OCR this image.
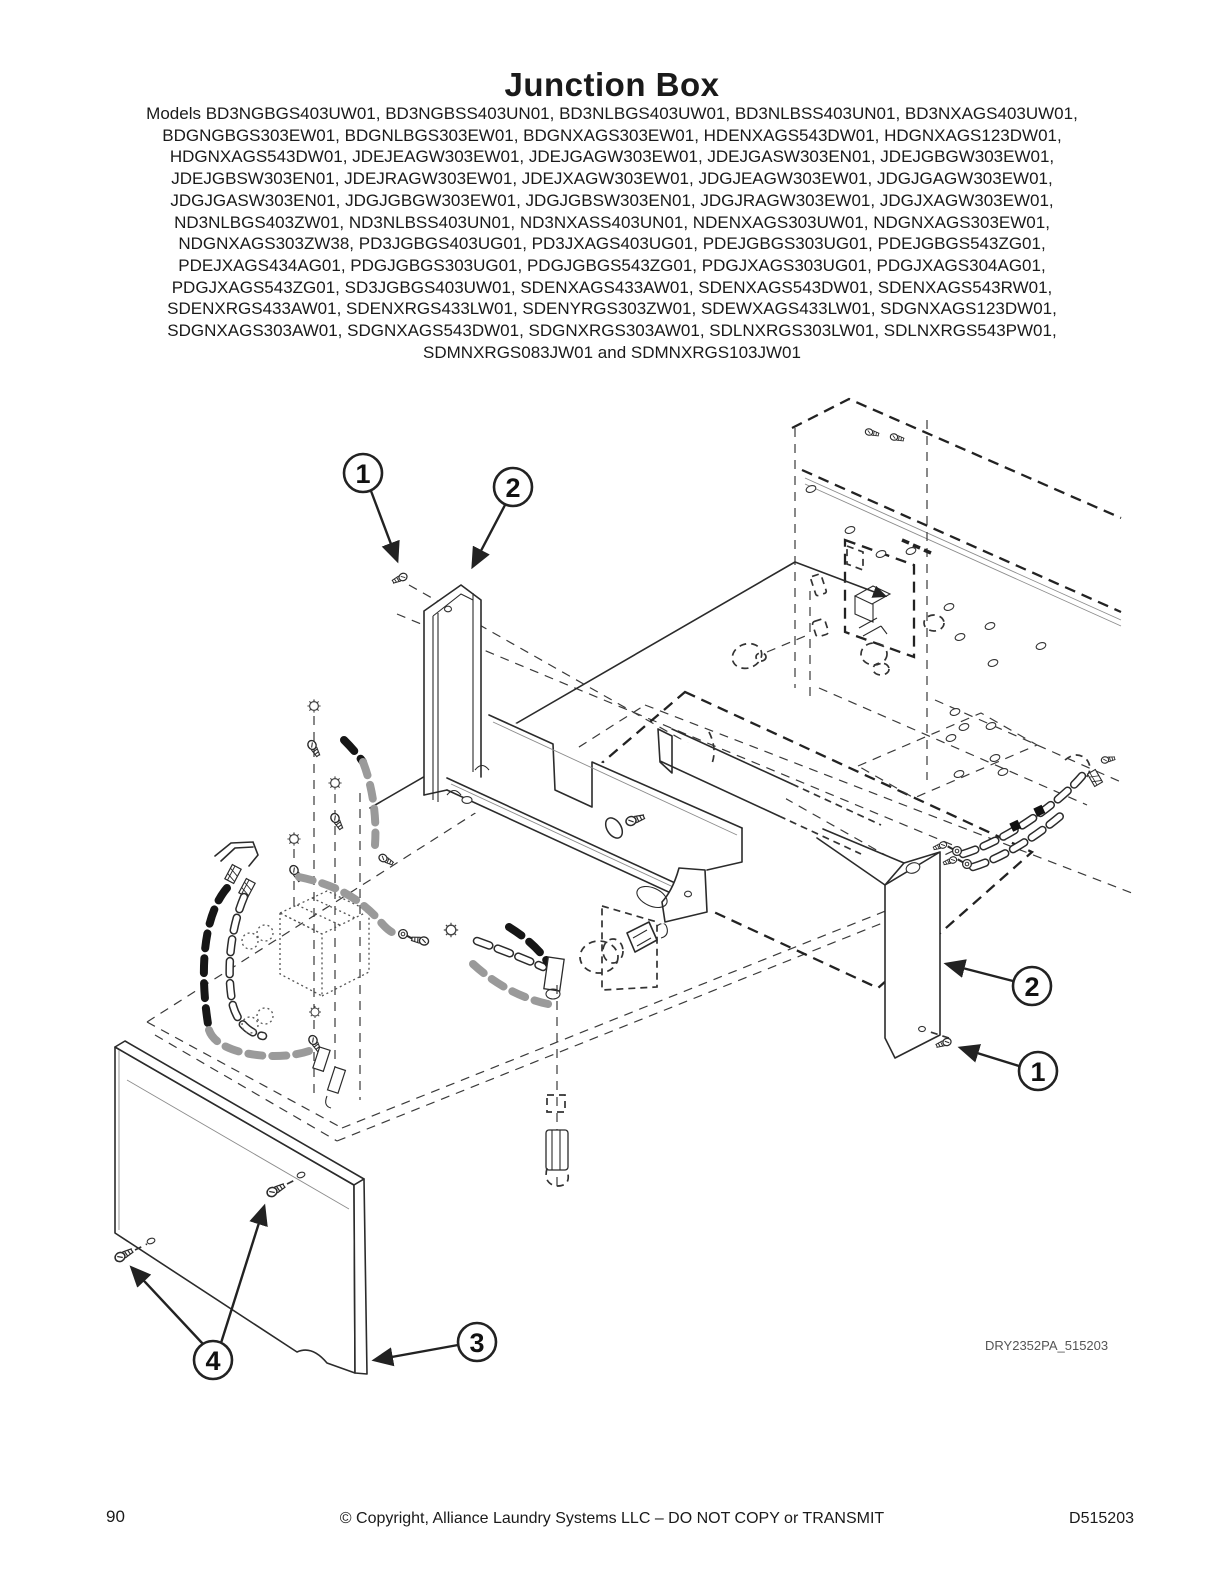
Junction Box
Models BD3NGBGS403UW01, BD3NGBSS403UN01, BD3NLBGS403UW01, BD3NLBSS403UN01, BD3NXAGS403UW01,
BDGNGBGS303EW01, BDGNLBGS303EW01, BDGNXAGS303EW01, HDENXAGS543DW01, HDGNXAGS123DW01,
HDGNXAGS543DW01, JDEJEAGW303EW01, JDEJGAGW303EW01, JDEJGASW303EN01, JDEJGBGW303EW01,
JDEJGBSW303EN01, JDEJRAGW303EW01, JDEJXAGW303EW01, JDGJEAGW303EW01, JDGJGAGW303EW01,
JDGJGASW303EN01, JDGJGBGW303EW01, JDGJGBSW303EN01, JDGJRAGW303EW01, JDGJXAGW303EW01,
ND3NLBGS403ZW01, ND3NLBSS403UN01, ND3NXASS403UN01, NDENXAGS303UW01, NDGNXAGS303EW01,
NDGNXAGS303ZW38, PD3JGBGS403UG01, PD3JXAGS403UG01, PDEJGBGS303UG01, PDEJGBGS543ZG01,
PDEJXAGS434AG01, PDGJGBGS303UG01, PDGJGBGS543ZG01, PDGJXAGS303UG01, PDGJXAGS304AG01,
PDGJXAGS543ZG01, SD3JGBGS403UW01, SDENXAGS433AW01, SDENXAGS543DW01, SDENXAGS543RW01,
SDENXRGS433AW01, SDENXRGS433LW01, SDENYRGS303ZW01, SDEWXAGS433LW01, SDGNXAGS123DW01,
SDGNXAGS303AW01, SDGNXAGS543DW01, SDGNXRGS303AW01, SDLNXRGS303LW01, SDLNXRGS543PW01,
SDMNXRGS083JW01 and SDMNXRGS103JW01
1	2
2
1
3
4
DRY2352PA_515203
90	© Copyright, Alliance Laundry Systems LLC – DO NOT COPY or TRANSMIT	D515203
